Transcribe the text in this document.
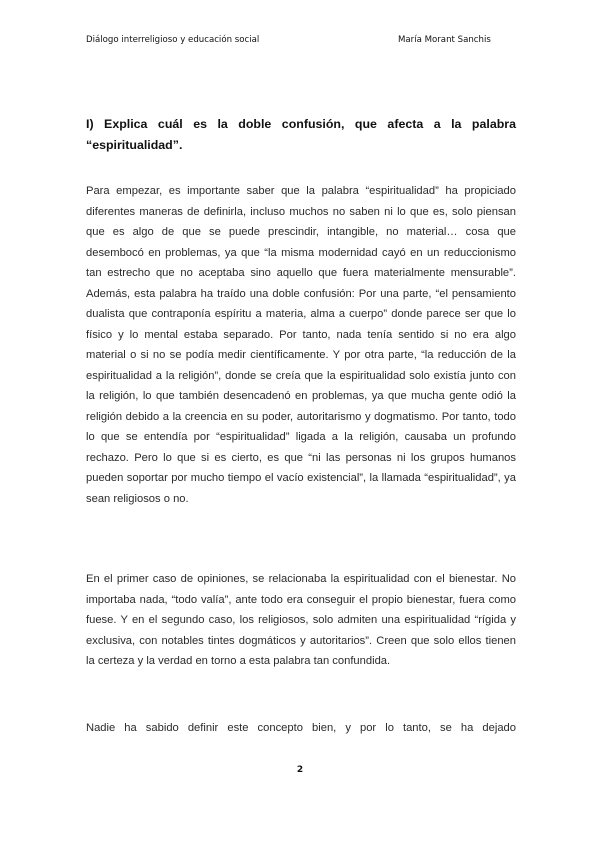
Diálogo interreligioso y educación social	María Morant Sanchis
I) Explica cuál es la doble confusión, que afecta a la palabra “espiritualidad”.

Para empezar, es importante saber que la palabra “espiritualidad” ha propiciado diferentes maneras de definirla, incluso muchos no saben ni lo que es, solo piensan que es algo de que se puede prescindir, intangible, no material… cosa que desembocó en problemas, ya que “la misma modernidad cayó en un reduccionismo tan estrecho que no aceptaba sino aquello que fuera materialmente mensurable”. Además, esta palabra ha traído una doble confusión: Por una parte, “el pensamiento dualista que contraponía espíritu a materia, alma a cuerpo” donde parece ser que lo físico y lo mental estaba separado. Por tanto, nada tenía sentido si no era algo material o si no se podía medir científicamente. Y por otra parte, “la reducción de la espiritualidad a la religión”, donde se creía que la espiritualidad solo existía junto con la religión, lo que también desencadenó en problemas, ya que mucha gente odió la religión debido a la creencia en su poder, autoritarismo y dogmatismo. Por tanto, todo lo que se entendía por “espiritualidad” ligada a la religión, causaba un profundo rechazo. Pero lo que si es cierto, es que “ni las personas ni los grupos humanos pueden soportar por mucho tiempo el vacío existencial”, la llamada “espiritualidad”, ya sean religiosos o no.

En el primer caso de opiniones, se relacionaba la espiritualidad con el bienestar. No importaba nada, “todo valía”, ante todo era conseguir el propio bienestar, fuera como fuese. Y en el segundo caso, los religiosos, solo admiten una espiritualidad “rígida y exclusiva, con notables tintes dogmáticos y autoritarios”. Creen que solo ellos tienen la certeza y la verdad en torno a esta palabra tan confundida.

Nadie ha sabido definir este concepto bien, y por lo tanto, se ha dejado

2
